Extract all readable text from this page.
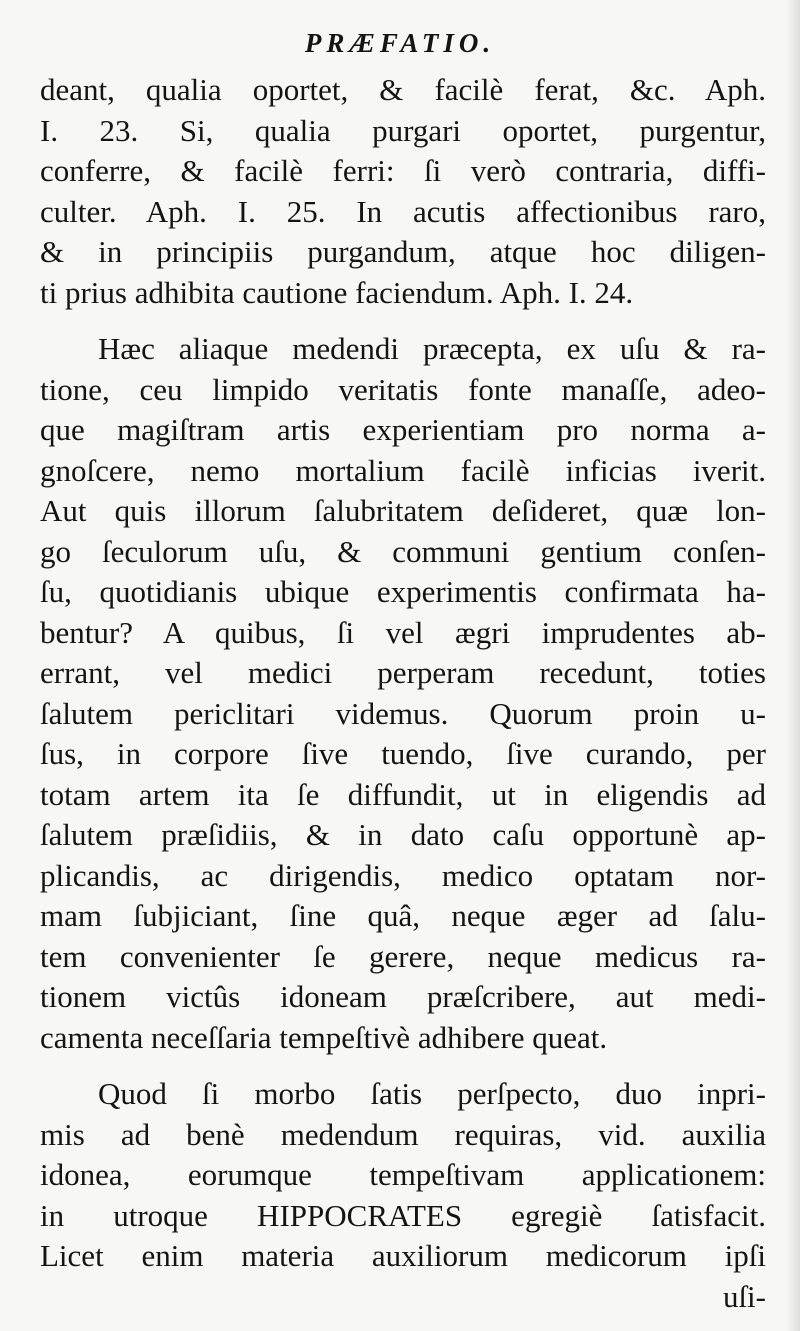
PRÆFATIO.
deant, qualia oportet, & facilè ferat, &c. Aph.
I. 23. Si, qualia purgari oportet, purgentur,
conferre, & facilè ferri: ſi verò contraria, diffi-
culter. Aph. I. 25. In acutis affectionibus raro,
& in principiis purgandum, atque hoc diligen-
ti prius adhibita cautione faciendum. Aph. I. 24.
Hæc aliaque medendi præcepta, ex uſu & ra-
tione, ceu limpido veritatis fonte manaſſe, adeo-
que magiſtram artis experientiam pro norma a-
gnoſcere, nemo mortalium facilè inficias iverit.
Aut quis illorum ſalubritatem deſideret, quæ lon-
go ſeculorum uſu, & communi gentium conſen-
ſu, quotidianis ubique experimentis confirmata ha-
bentur? A quibus, ſi vel ægri imprudentes ab-
errant, vel medici perperam recedunt, toties
ſalutem periclitari videmus. Quorum proin u-
ſus, in corpore ſive tuendo, ſive curando, per
totam artem ita ſe diffundit, ut in eligendis ad
ſalutem præſidiis, & in dato caſu opportunè ap-
plicandis, ac dirigendis, medico optatam nor-
mam ſubjiciant, ſine quâ, neque æger ad ſalu-
tem convenienter ſe gerere, neque medicus ra-
tionem victûs idoneam præſcribere, aut medi-
camenta neceſſaria tempeſtivè adhibere queat.
Quod ſi morbo ſatis perſpecto, duo inpri-
mis ad benè medendum requiras, vid. auxilia
idonea, eorumque tempeſtivam applicationem:
in utroque HIPPOCRATES egregiè ſatisfacit.
Licet enim materia auxiliorum medicorum ipſi
uſi-
